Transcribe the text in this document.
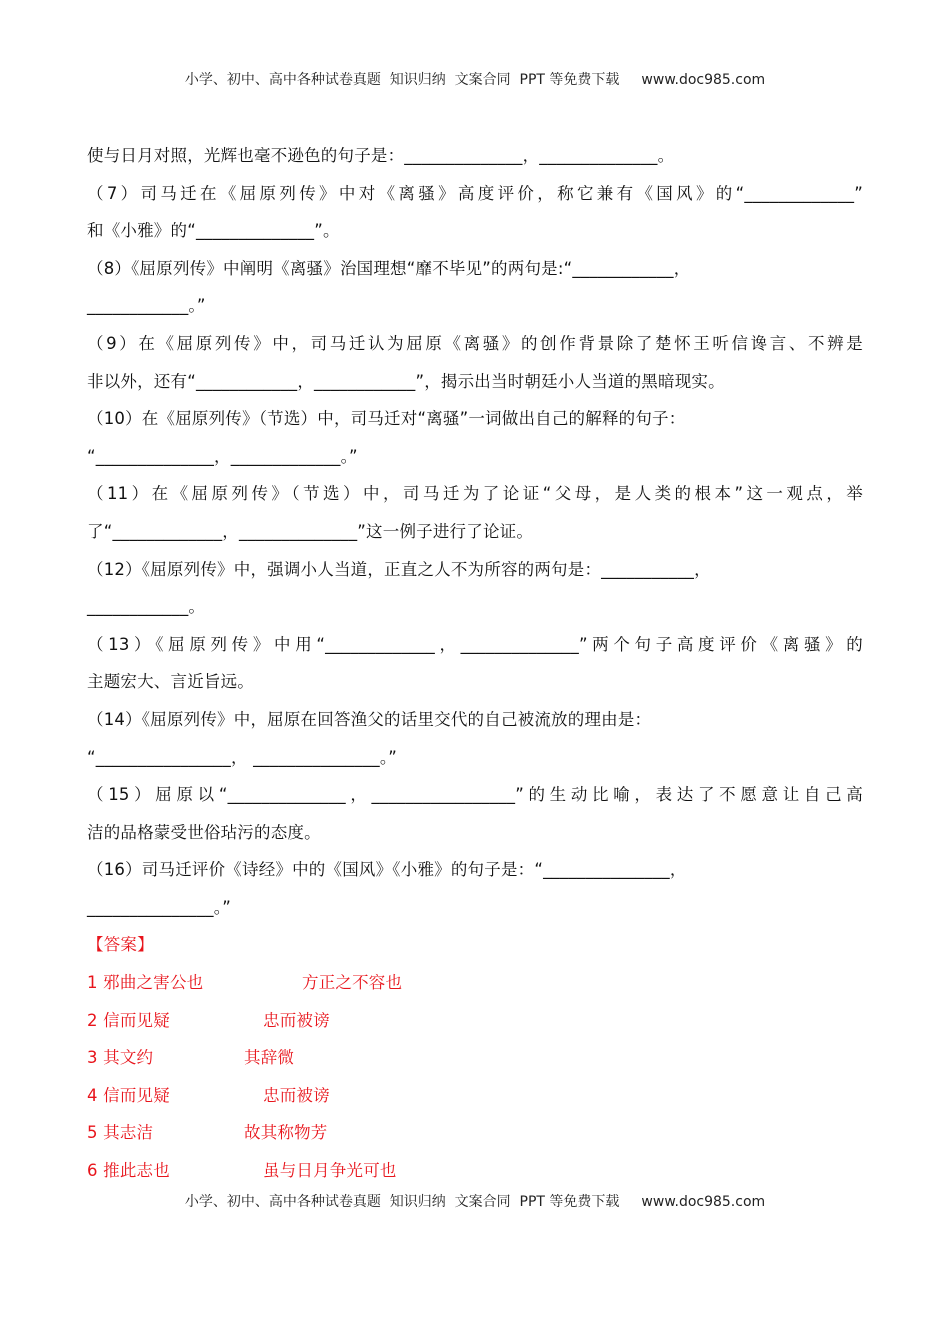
小学、初中、高中各种试卷真题  知识归纳  文案合同  PPT 等免费下载 www.doc985.com
使与日月对照，光辉也毫不逊色的句子是：______________，______________。
（7）司马迁在《屈原列传》中对《离骚》高度评价，称它兼有《国风》的“_____________”
和《小雅》的“______________”。
（8）《屈原列传》中阐明《离骚》治国理想“靡不毕见”的两句是:“____________，
____________。”
（9）在《屈原列传》中，司马迁认为屈原《离骚》的创作背景除了楚怀王听信谗言、不辨是
非以外，还有“____________，____________”，揭示出当时朝廷小人当道的黑暗现实。
（10）在《屈原列传》（节选）中，司马迁对“离骚”一词做出自己的解释的句子：
“______________，_____________。”
（11）在《屈原列传》（节选）中，司马迁为了论证“父母，是人类的根本”这一观点，举
了“_____________，______________”这一例子进行了论证。
（12）《屈原列传》中，强调小人当道，正直之人不为所容的两句是：___________，
____________。
（13）《屈原列传》中用“_____________，______________”两个句子高度评价《离骚》的
主题宏大、言近旨远。
（14）《屈原列传》中，屈原在回答渔父的话里交代的自己被流放的理由是：
“________________， _______________。”
（15）屈原以“______________，_________________”的生动比喻，表达了不愿意让自己高
洁的品格蒙受世俗玷污的态度。
（16）司马迁评价《诗经》中的《国风》《小雅》的句子是：“_______________，
_______________。”
【答案】
1 邪曲之害公也	方正之不容也
2 信而见疑	忠而被谤
3 其文约	其辞微
4 信而见疑	忠而被谤
5 其志洁	故其称物芳
6 推此志也	虽与日月争光可也
小学、初中、高中各种试卷真题  知识归纳  文案合同  PPT 等免费下载 www.doc985.com
